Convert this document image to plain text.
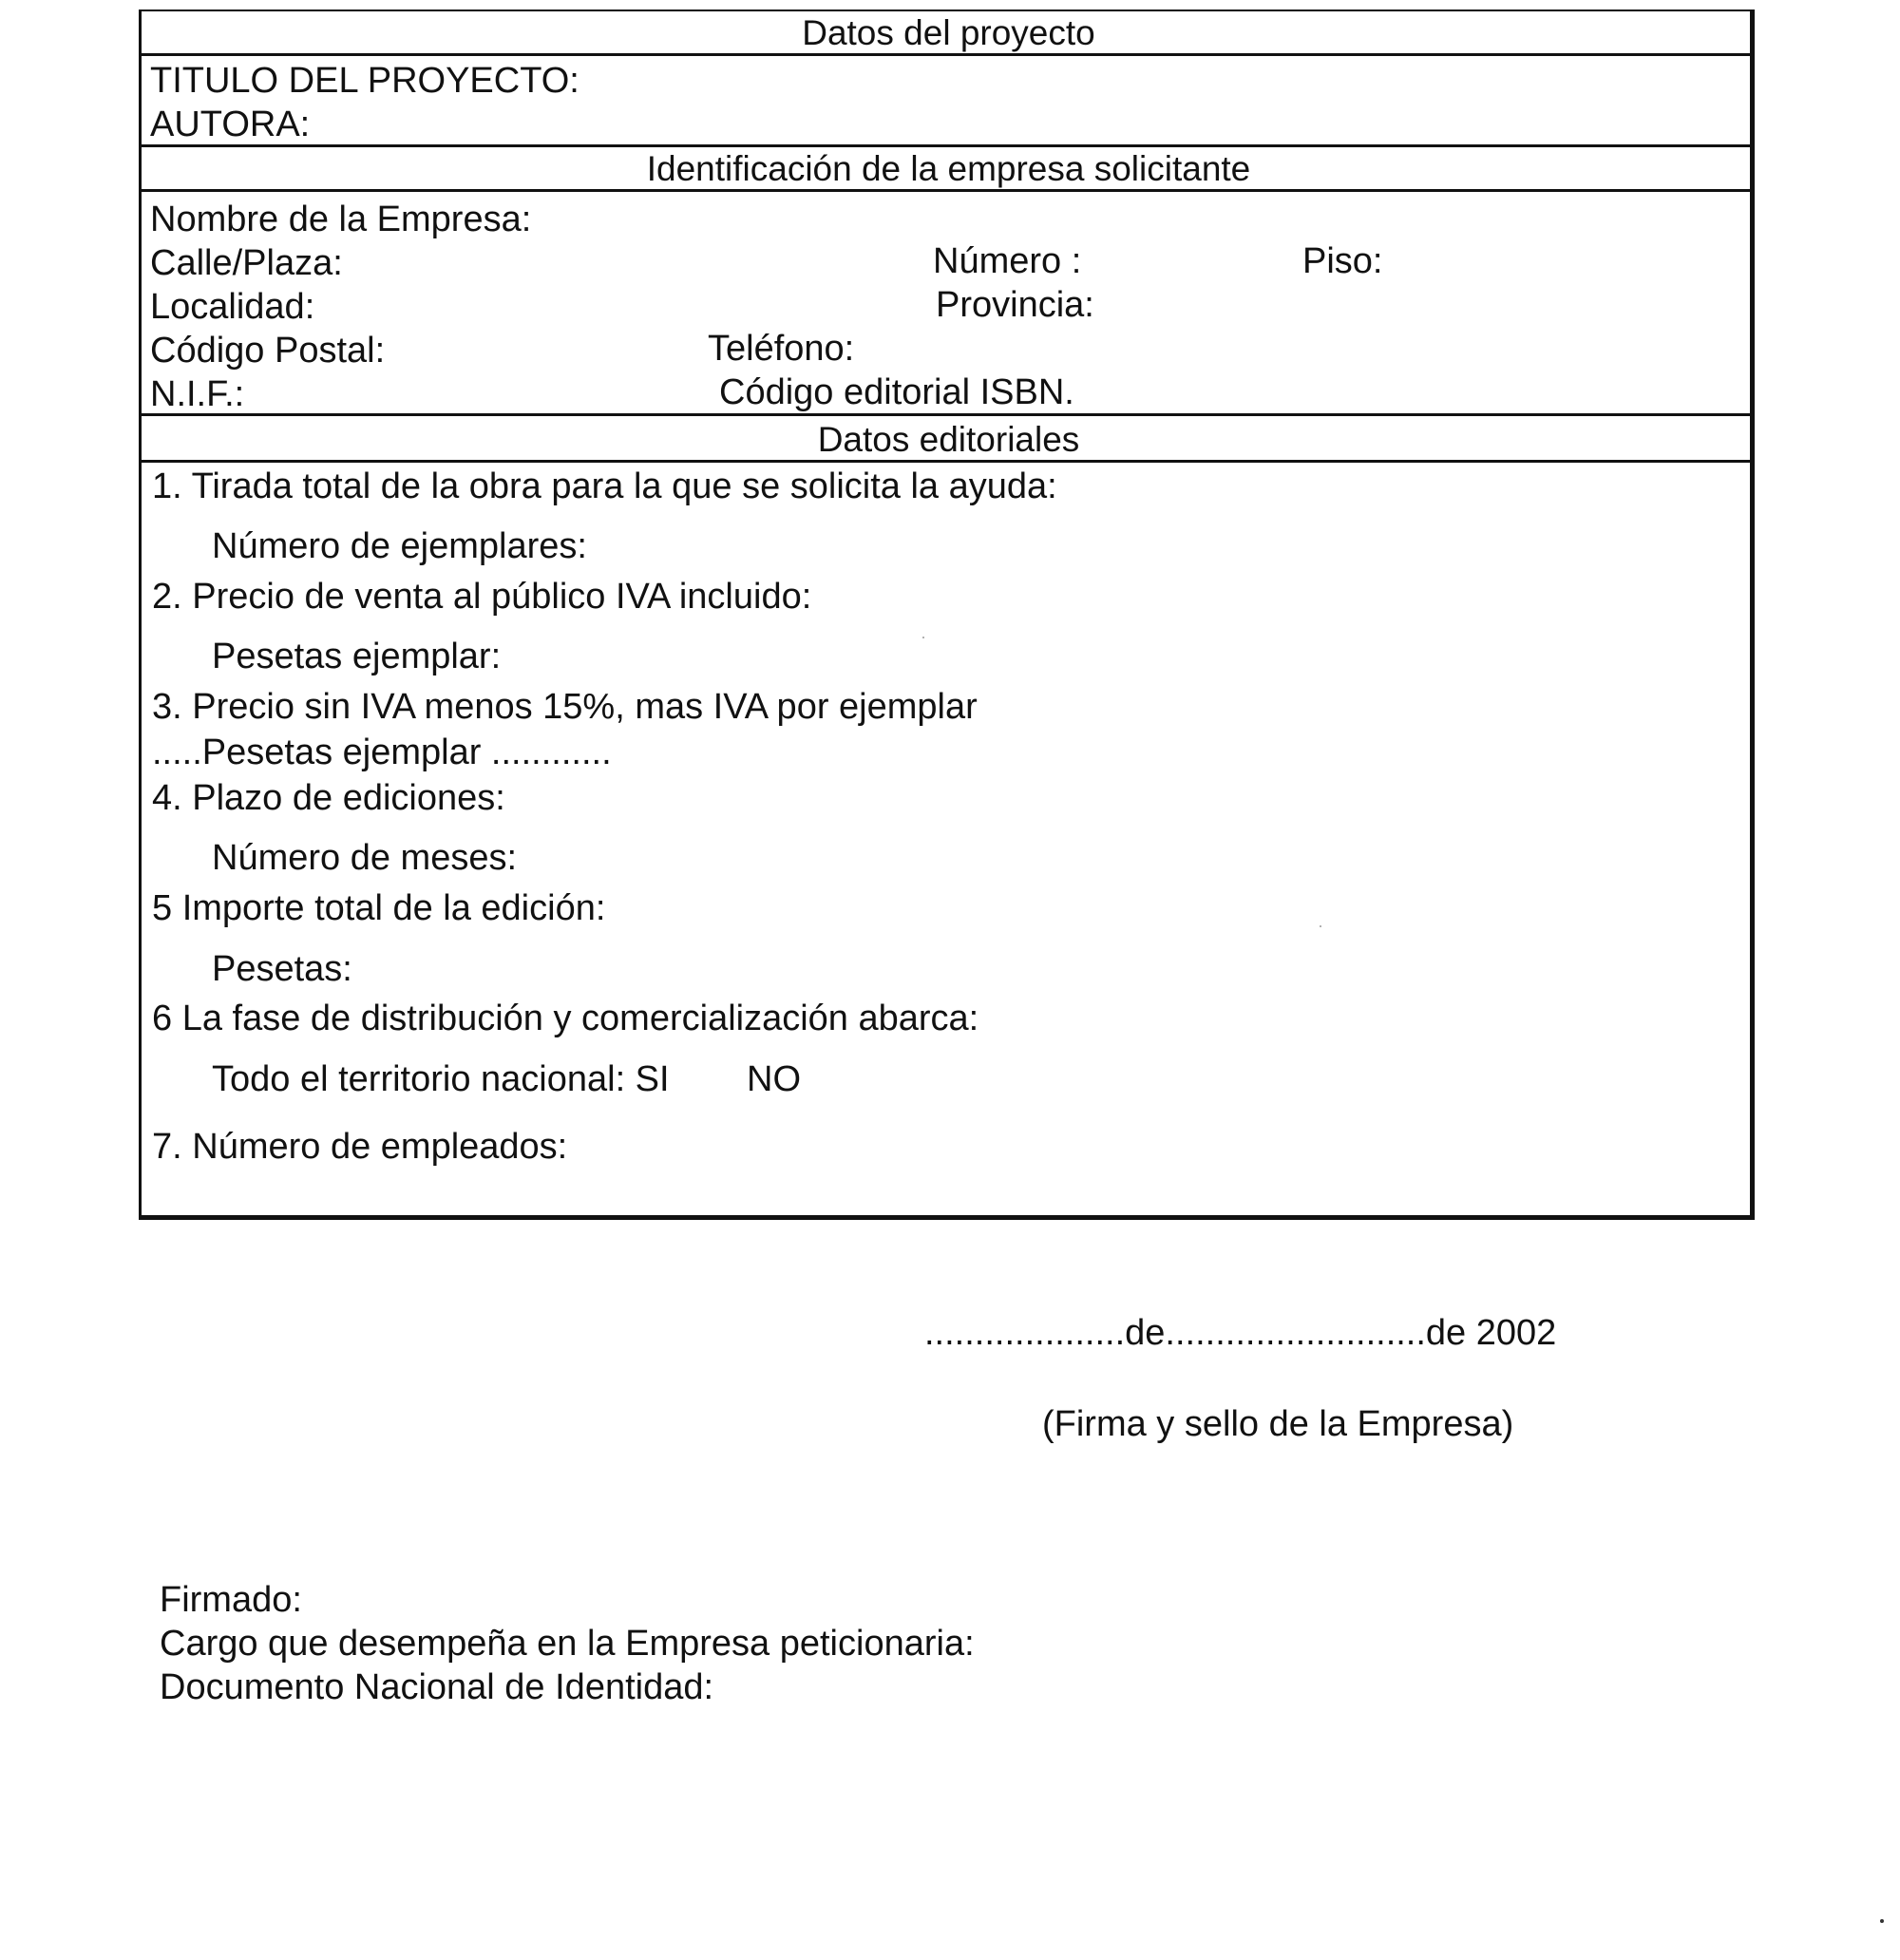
Datos del proyecto
TITULO DEL PROYECTO:
AUTORA:
Identificación de la empresa solicitante
Nombre de la Empresa:
Calle/Plaza:	Número :	Piso:
Localidad:	Provincia:
Código Postal:	Teléfono:
N.I.F.:	Código editorial ISBN.
Datos editoriales
1. Tirada total de la obra para la que se solicita la ayuda:
Número de ejemplares:
2. Precio de venta al público IVA incluido:
Pesetas ejemplar:
3. Precio sin IVA menos 15%, mas IVA por ejemplar
.....Pesetas ejemplar ............
4. Plazo de ediciones:
Número de meses:
5 Importe total de la edición:
Pesetas:
6 La fase de distribución y comercialización abarca:
Todo el territorio nacional: SI NO
7. Número de empleados:
....................de..........................de 2002
(Firma y sello de la Empresa)
Firmado:
Cargo que desempeña en la Empresa peticionaria:
Documento Nacional de Identidad:
